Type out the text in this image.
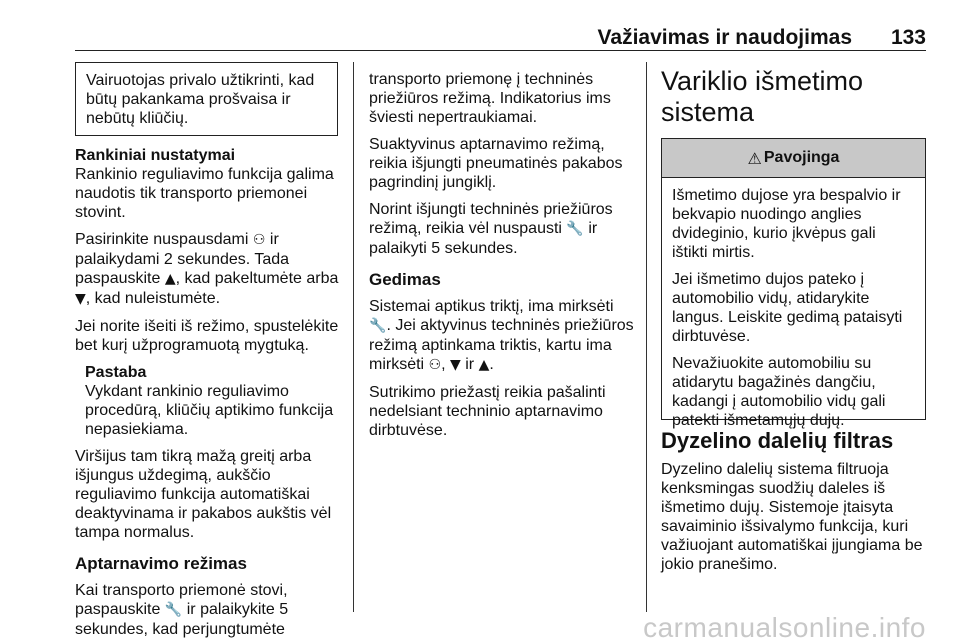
Važiavimas ir naudojimas 133
Vairuotojas privalo užtikrinti, kad būtų pakankama prošvaisa ir nebūtų kliūčių.

Rankiniai nustatymai

Rankinio reguliavimo funkcija galima naudotis tik transporto priemonei stovint.

Pasirinkite nuspausdami ⚇ ir palaikydami 2 sekundes. Tada paspauskite ▲, kad pakeltumėte arba ▼, kad nuleistumėte.

Jei norite išeiti iš režimo, spustelėkite bet kurį užprogramuotą mygtuką.

Pastaba

Vykdant rankinio reguliavimo procedūrą, kliūčių aptikimo funkcija nepasiekiama.

Viršijus tam tikrą mažą greitį arba išjungus uždegimą, aukščio reguliavimo funkcija automatiškai deaktyvinama ir pakabos aukštis vėl tampa normalus.

Aptarnavimo režimas

Kai transporto priemonė stovi, paspauskite 🔧 ir palaikykite 5 sekundes, kad perjungtumėte

transporto priemonę į techninės priežiūros režimą. Indikatorius ims šviesti nepertraukiamai.

Suaktyvinus aptarnavimo režimą, reikia išjungti pneumatinės pakabos pagrindinį jungiklį.

Norint išjungti techninės priežiūros režimą, reikia vėl nuspausti 🔧 ir palaikyti 5 sekundes.

Gedimas

Sistemai aptikus triktį, ima mirksėti 🔧. Jei aktyvinus techninės priežiūros režimą aptinkama triktis, kartu ima mirksėti ⚇, ▼ ir ▲.

Sutrikimo priežastį reikia pašalinti nedelsiant techninio aptarnavimo dirbtuvėse.

Variklio išmetimo
sistema

⚠ Pavojinga

Išmetimo dujose yra bespalvio ir bekvapio nuodingo anglies dvideginio, kurio įkvėpus gali ištikti mirtis.

Jei išmetimo dujos pateko į automobilio vidų, atidarykite langus. Leiskite gedimą pataisyti dirbtuvėse.

Nevažiuokite automobiliu su atidarytu bagažinės dangčiu, kadangi į automobilio vidų gali patekti išmetamųjų dujų.

Dyzelino dalelių filtras

Dyzelino dalelių sistema filtruoja kenksmingas suodžių daleles iš išmetimo dujų. Sistemoje įtaisyta savaiminio išsivalymo funkcija, kuri važiuojant automatiškai įjungiama be jokio pranešimo.

carmanualsonline.info
